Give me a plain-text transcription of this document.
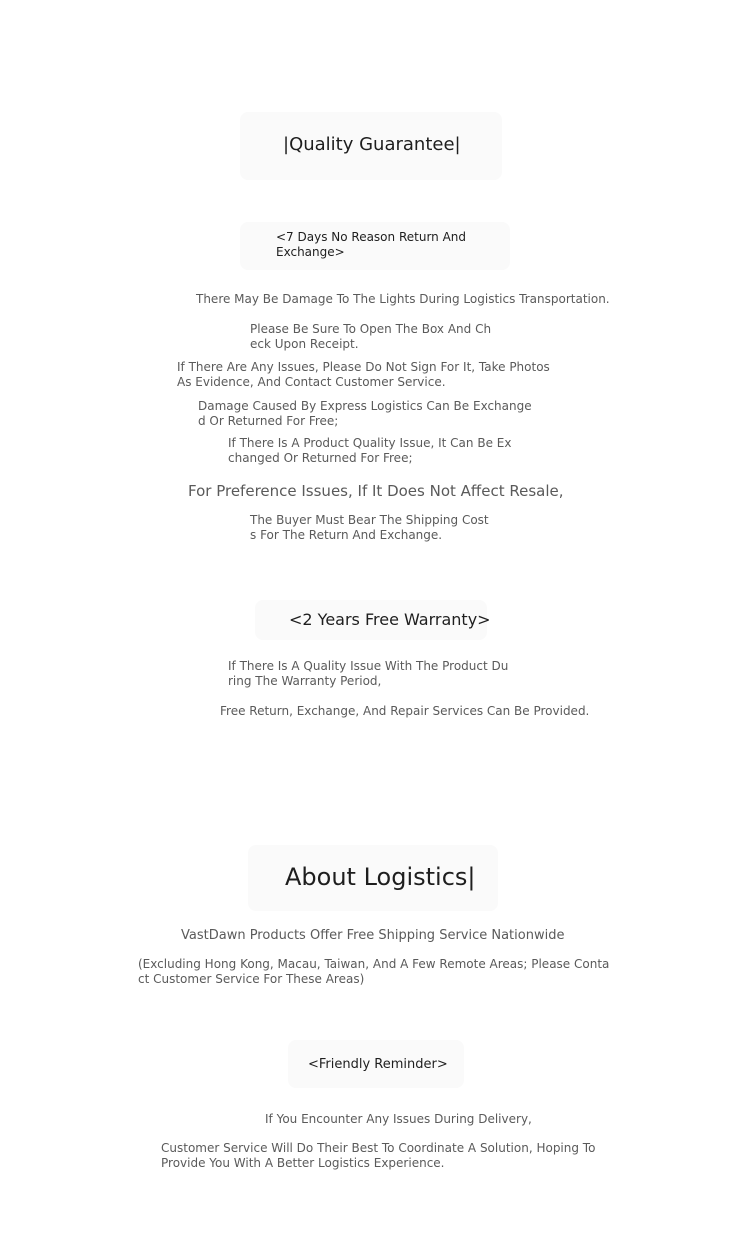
|Quality Guarantee|
<7 Days No Reason Return And Exchange>
There May Be Damage To The Lights During Logistics Transportation.
Please Be Sure To Open The Box And Check Upon Receipt.
If There Are Any Issues, Please Do Not Sign For It, Take Photos As Evidence, And Contact Customer Service.
Damage Caused By Express Logistics Can Be Exchanged Or Returned For Free;
If There Is A Product Quality Issue, It Can Be Exchanged Or Returned For Free;
For Preference Issues, If It Does Not Affect Resale,
The Buyer Must Bear The Shipping Costs For The Return And Exchange.
<2 Years Free Warranty>
If There Is A Quality Issue With The Product During The Warranty Period,
Free Return, Exchange, And Repair Services Can Be Provided.
About Logistics|
VastDawn Products Offer Free Shipping Service Nationwide
(Excluding Hong Kong, Macau, Taiwan, And A Few Remote Areas; Please Contact Customer Service For These Areas)
<Friendly Reminder>
If You Encounter Any Issues During Delivery,
Customer Service Will Do Their Best To Coordinate A Solution, Hoping To Provide You With A Better Logistics Experience.
